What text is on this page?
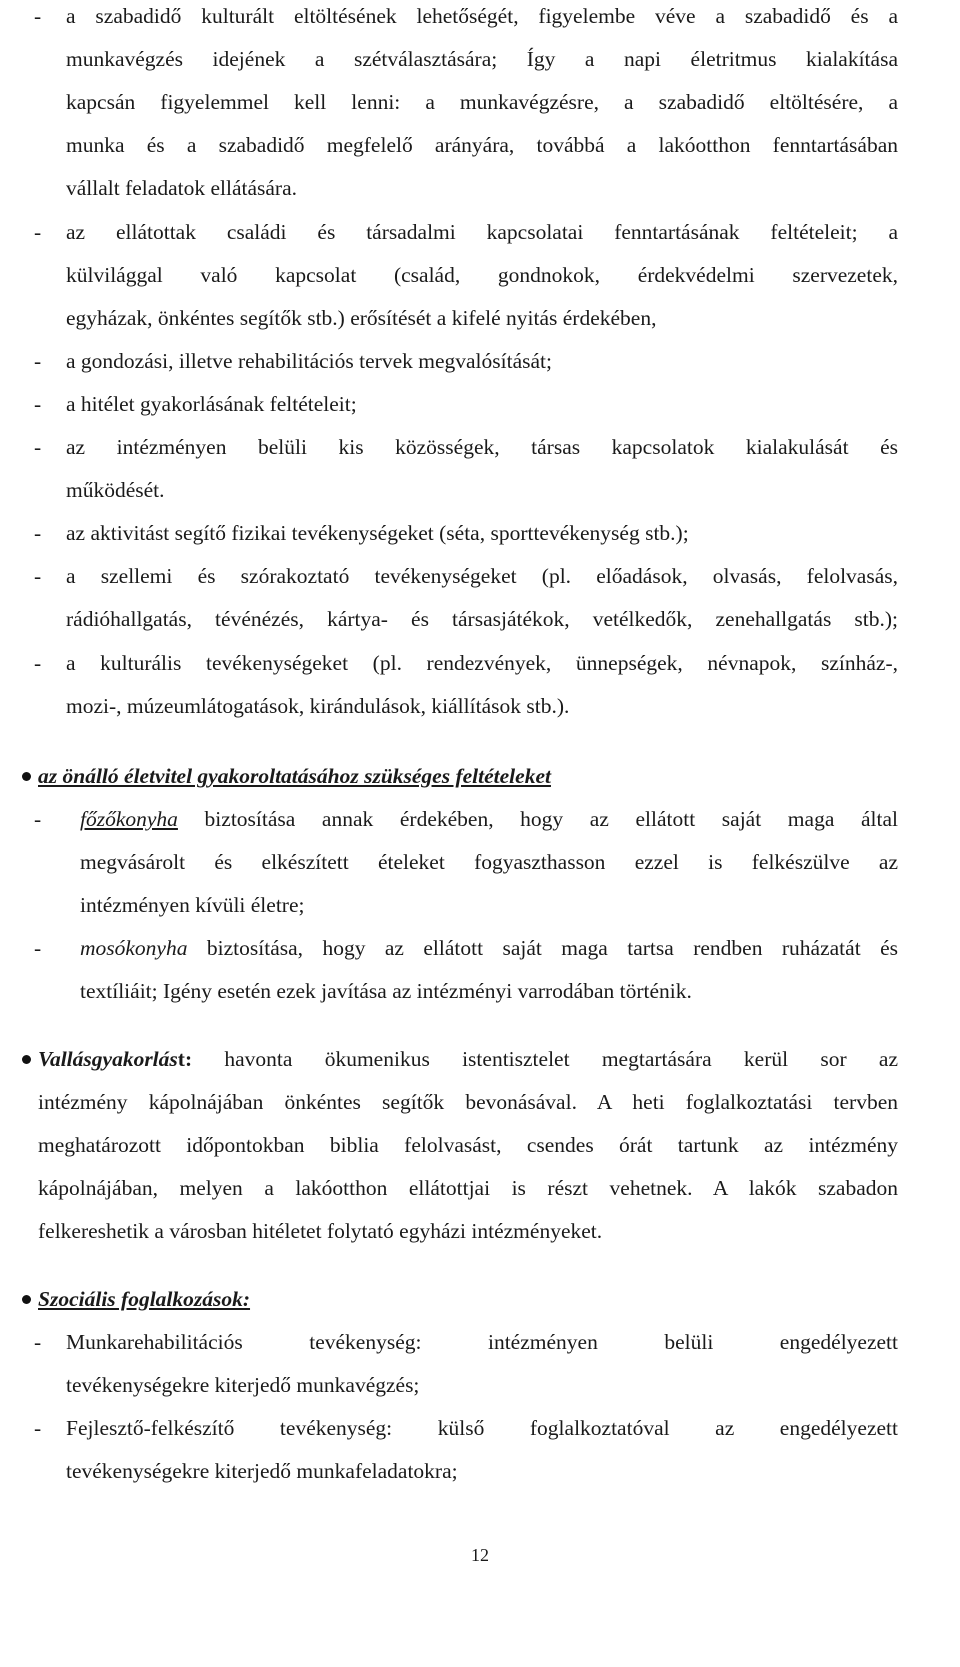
- a szabadidő kulturált eltöltésének lehetőségét, figyelembe véve a szabadidő és a
munkavégzés idejének a szétválasztására; Így a napi életritmus kialakítása
kapcsán figyelemmel kell lenni: a munkavégzésre, a szabadidő eltöltésére, a
munka és a szabadidő megfelelő arányára, továbbá a lakóotthon fenntartásában
vállalt feladatok ellátására.
- az ellátottak családi és társadalmi kapcsolatai fenntartásának feltételeit; a
külvilággal való kapcsolat (család, gondnokok, érdekvédelmi szervezetek,
egyházak, önkéntes segítők stb.) erősítését a kifelé nyitás érdekében,
- a gondozási, illetve rehabilitációs tervek megvalósítását;
- a hitélet gyakorlásának feltételeit;
- az intézményen belüli kis közösségek, társas kapcsolatok kialakulását és
működését.
- az aktivitást segítő fizikai tevékenységeket (séta, sporttevékenység stb.);
- a szellemi és szórakoztató tevékenységeket (pl. előadások, olvasás, felolvasás,
rádióhallgatás, tévénézés, kártya- és társasjátékok, vetélkedők, zenehallgatás stb.);
- a kulturális tevékenységeket (pl. rendezvények, ünnepségek, névnapok, színház-,
mozi-, múzeumlátogatások, kirándulások, kiállítások stb.).
az önálló életvitel gyakoroltatásához szükséges feltételeket
- főzőkonyha biztosítása annak érdekében, hogy az ellátott saját maga által
megvásárolt és elkészített ételeket fogyaszthasson ezzel is felkészülve az
intézményen kívüli életre;
- mosókonyha biztosítása, hogy az ellátott saját maga tartsa rendben ruházatát és
textíliáit; Igény esetén ezek javítása az intézményi varrodában történik.
Vallásgyakorlást: havonta ökumenikus istentisztelet megtartására kerül sor az
intézmény kápolnájában önkéntes segítők bevonásával. A heti foglalkoztatási tervben
meghatározott időpontokban biblia felolvasást, csendes órát tartunk az intézmény
kápolnájában, melyen a lakóotthon ellátottjai is részt vehetnek. A lakók szabadon
felkereshetik a városban hitéletet folytató egyházi intézményeket.
Szociális foglalkozások:
- Munkarehabilitációs tevékenység: intézményen belüli engedélyezett
tevékenységekre kiterjedő munkavégzés;
- Fejlesztő-felkészítő tevékenység: külső foglalkoztatóval az engedélyezett
tevékenységekre kiterjedő munkafeladatokra;
12
